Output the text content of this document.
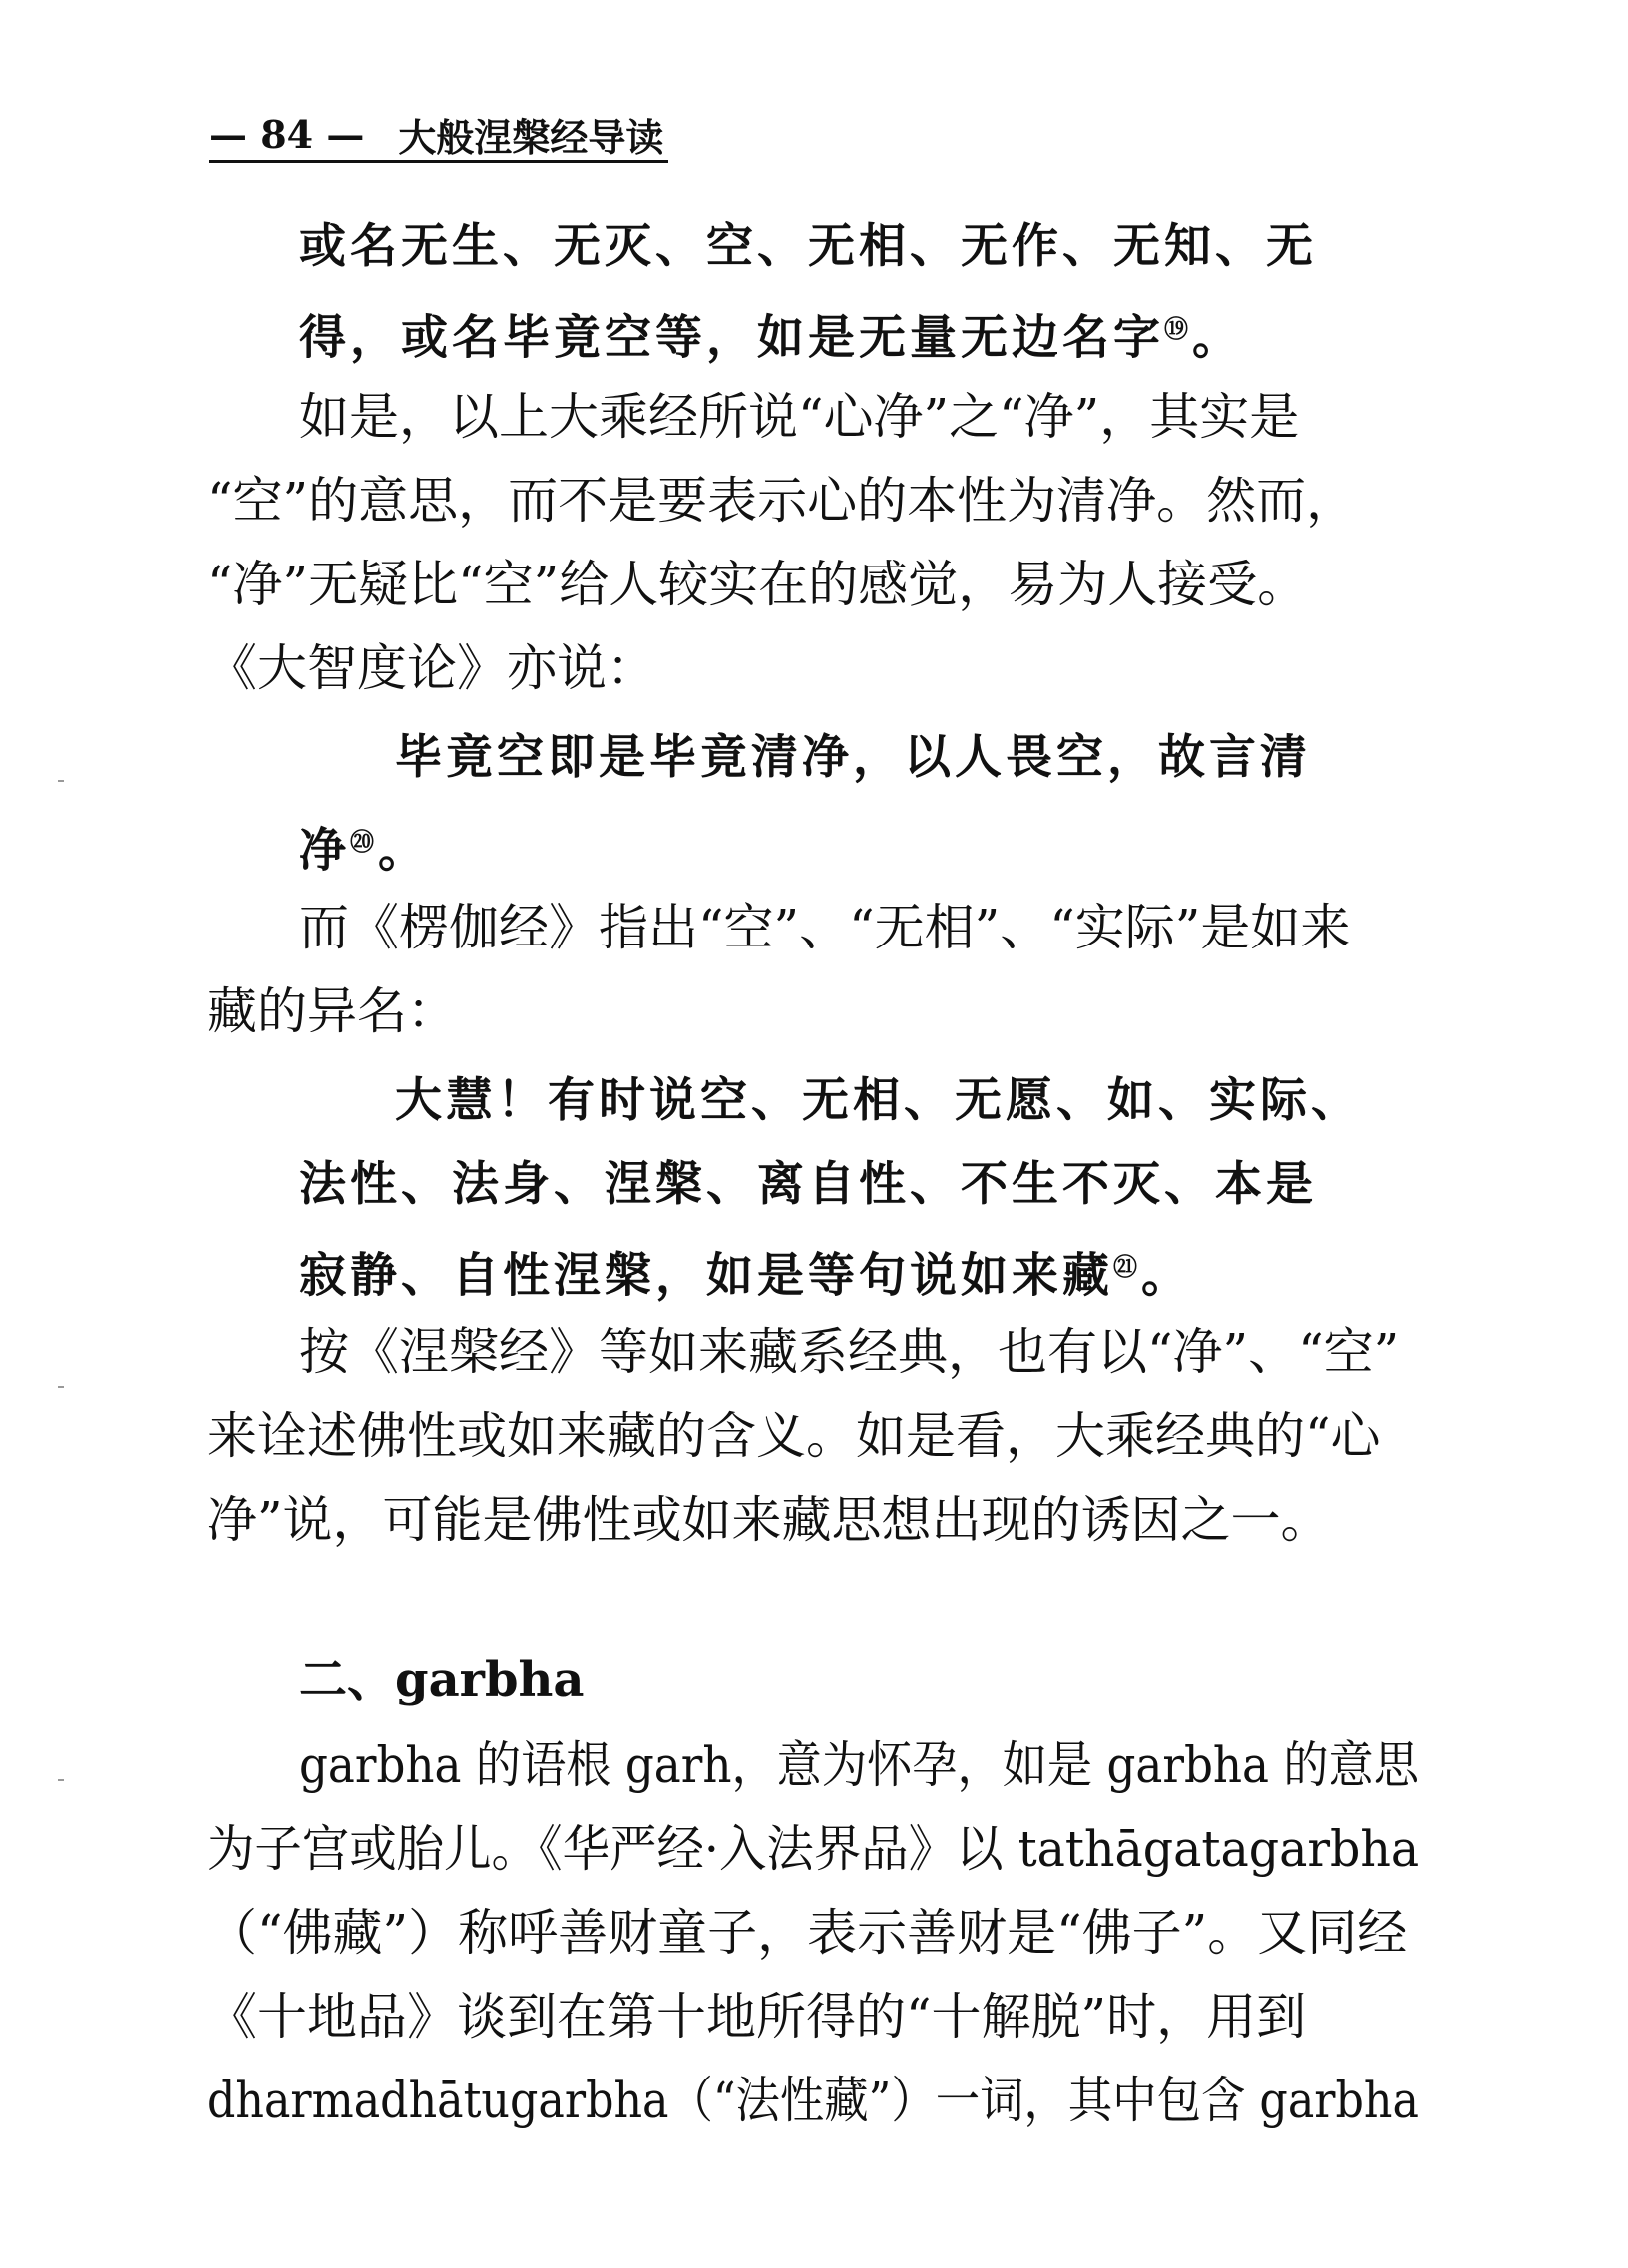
— 84 — 大般涅槃经导读
或名无生、无灭、空、无相、无作、无知、无
得，或名毕竟空等，如是无量无边名字⑲。
如是，以上大乘经所说“心净”之“净”，其实是
“空”的意思，而不是要表示心的本性为清净。然而，
“净”无疑比“空”给人较实在的感觉，易为人接受。
《大智度论》亦说：
毕竟空即是毕竟清净，以人畏空，故言清
净⑳。
而《楞伽经》指出“空”、“无相”、“实际”是如来
藏的异名：
大慧！有时说空、无相、无愿、如、实际、
法性、法身、涅槃、离自性、不生不灭、本是
寂静、自性涅槃，如是等句说如来藏$^㉑$。
按《涅槃经》等如来藏系经典，也有以“净”、“空”
来诠述佛性或如来藏的含义。如是看，大乘经典的“心
净”说，可能是佛性或如来藏思想出现的诱因之一。
二、garbha
garbha 的语根 garh，意为怀孕，如是 garbha 的意思
为子宫或胎儿。《华严经·入法界品》以 tathāgatagarbha
（“佛藏”）称呼善财童子，表示善财是“佛子”。又同经
《十地品》谈到在第十地所得的“十解脱”时，用到
dharmadhātugarbha（“法性藏”）一词，其中包含 garbha
